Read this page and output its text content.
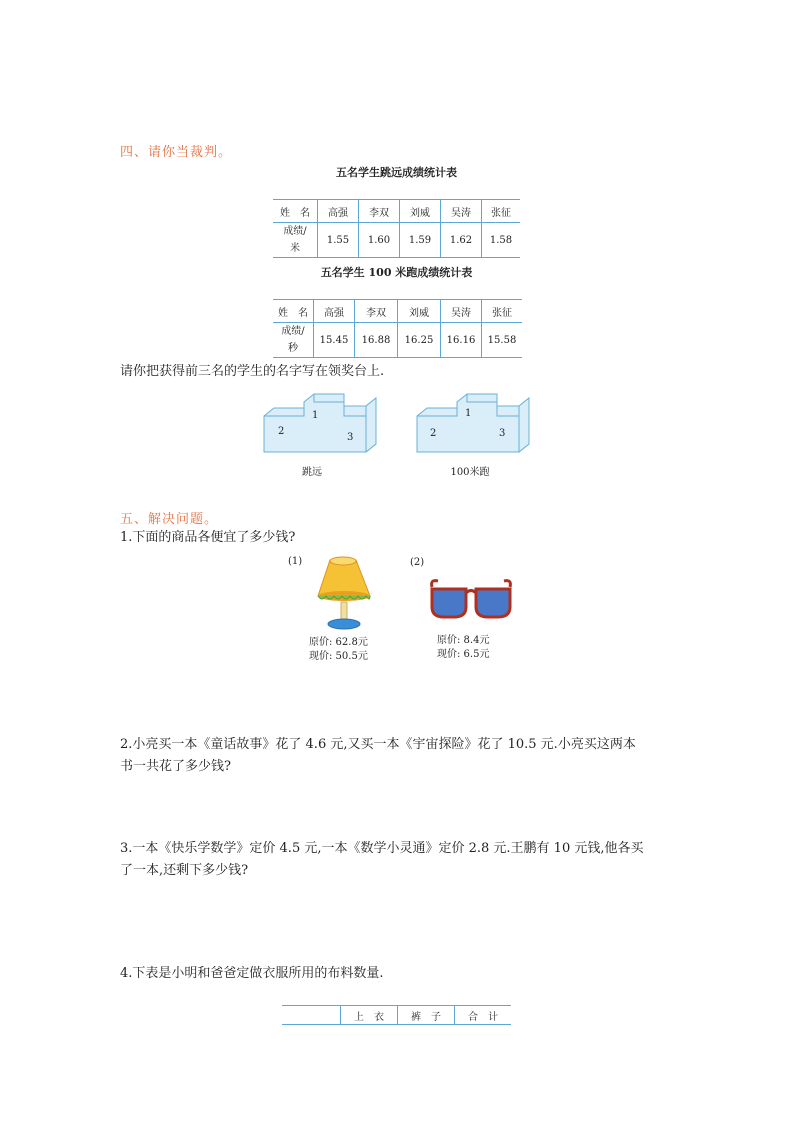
四、请你当裁判。
五名学生跳远成绩统计表
姓　名	高强	李双	刘威	吴涛	张征
成绩/
米	1.55	1.60	1.59	1.62	1.58
五名学生 100 米跑成绩统计表
姓　名	高强	李双	刘威	吴涛	张征
成绩/
秒	15.45	16.88	16.25	16.16	15.58
请你把获得前三名的学生的名字写在领奖台上.
1
2
3
跳远
1
2	3
100米跑
五、解决问题。
1.下面的商品各便宜了多少钱?
(1)
原价: 62.8元
现价: 50.5元
(2)
原价: 8.4元
现价: 6.5元
2.小亮买一本《童话故事》花了 4.6 元,又买一本《宇宙探险》花了 10.5 元.小亮买这两本
书一共花了多少钱?
3.一本《快乐学数学》定价 4.5 元,一本《数学小灵通》定价 2.8 元.王鹏有 10 元钱,他各买
了一本,还剩下多少钱?
4.下表是小明和爸爸定做衣服所用的布料数量.
	上　衣	裤　子	合　计
